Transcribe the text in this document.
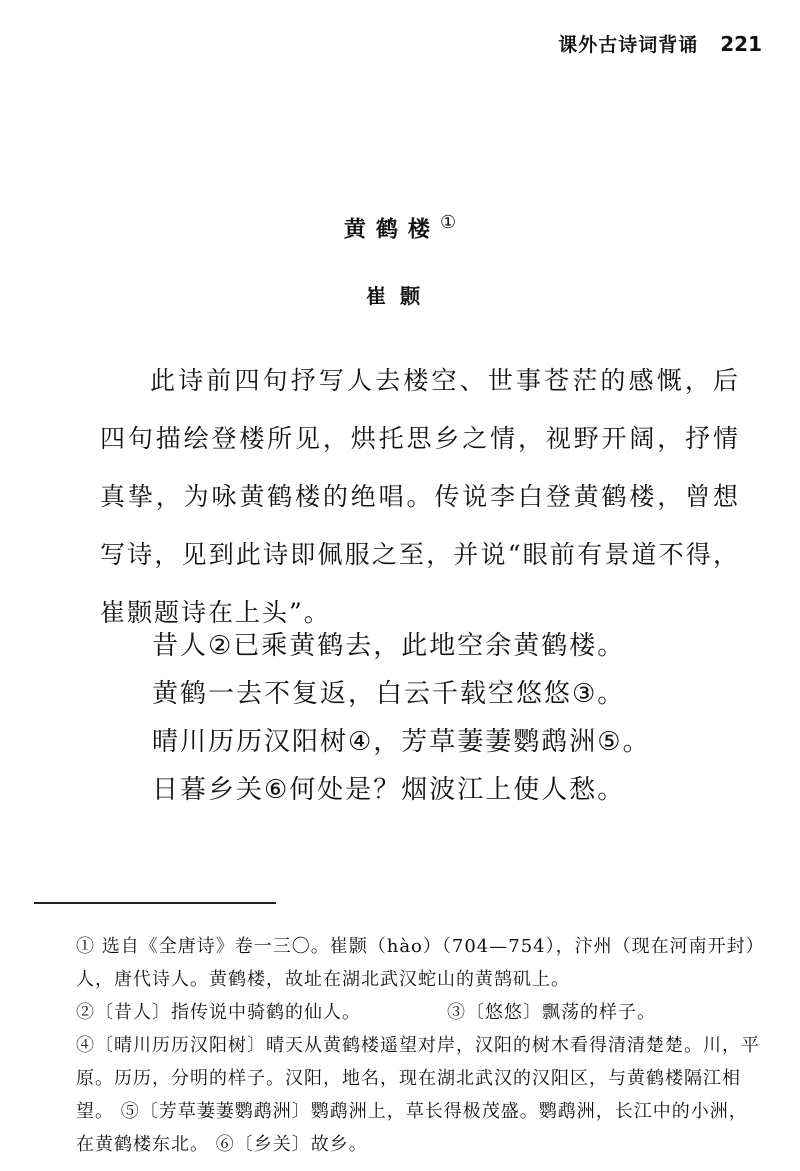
课外古诗词背诵 221
黄鹤楼①
崔颢

此诗前四句抒写人去楼空、世事苍茫的感慨，后四句描绘登楼所见，烘托思乡之情，视野开阔，抒情真挚，为咏黄鹤楼的绝唱。传说李白登黄鹤楼，曾想写诗，见到此诗即佩服之至，并说“眼前有景道不得，崔颢题诗在上头”。

昔人②已乘黄鹤去，此地空余黄鹤楼。
黄鹤一去不复返，白云千载空悠悠③。
晴川历历汉阳树④，芳草萋萋鹦鹉洲⑤。
日暮乡关⑥何处是？烟波江上使人愁。

① 选自《全唐诗》卷一三〇。崔颢（hào）（704—754），汴州（现在河南开封）人，唐代诗人。黄鹤楼，故址在湖北武汉蛇山的黄鹄矶上。

②〔昔人〕指传说中骑鹤的仙人。	③〔悠悠〕飘荡的样子。

④〔晴川历历汉阳树〕晴天从黄鹤楼遥望对岸，汉阳的树木看得清清楚楚。川，平原。历历，分明的样子。汉阳，地名，现在湖北武汉的汉阳区，与黄鹤楼隔江相望。 ⑤〔芳草萋萋鹦鹉洲〕鹦鹉洲上，草长得极茂盛。鹦鹉洲，长江中的小洲，在黄鹤楼东北。 ⑥〔乡关〕故乡。
